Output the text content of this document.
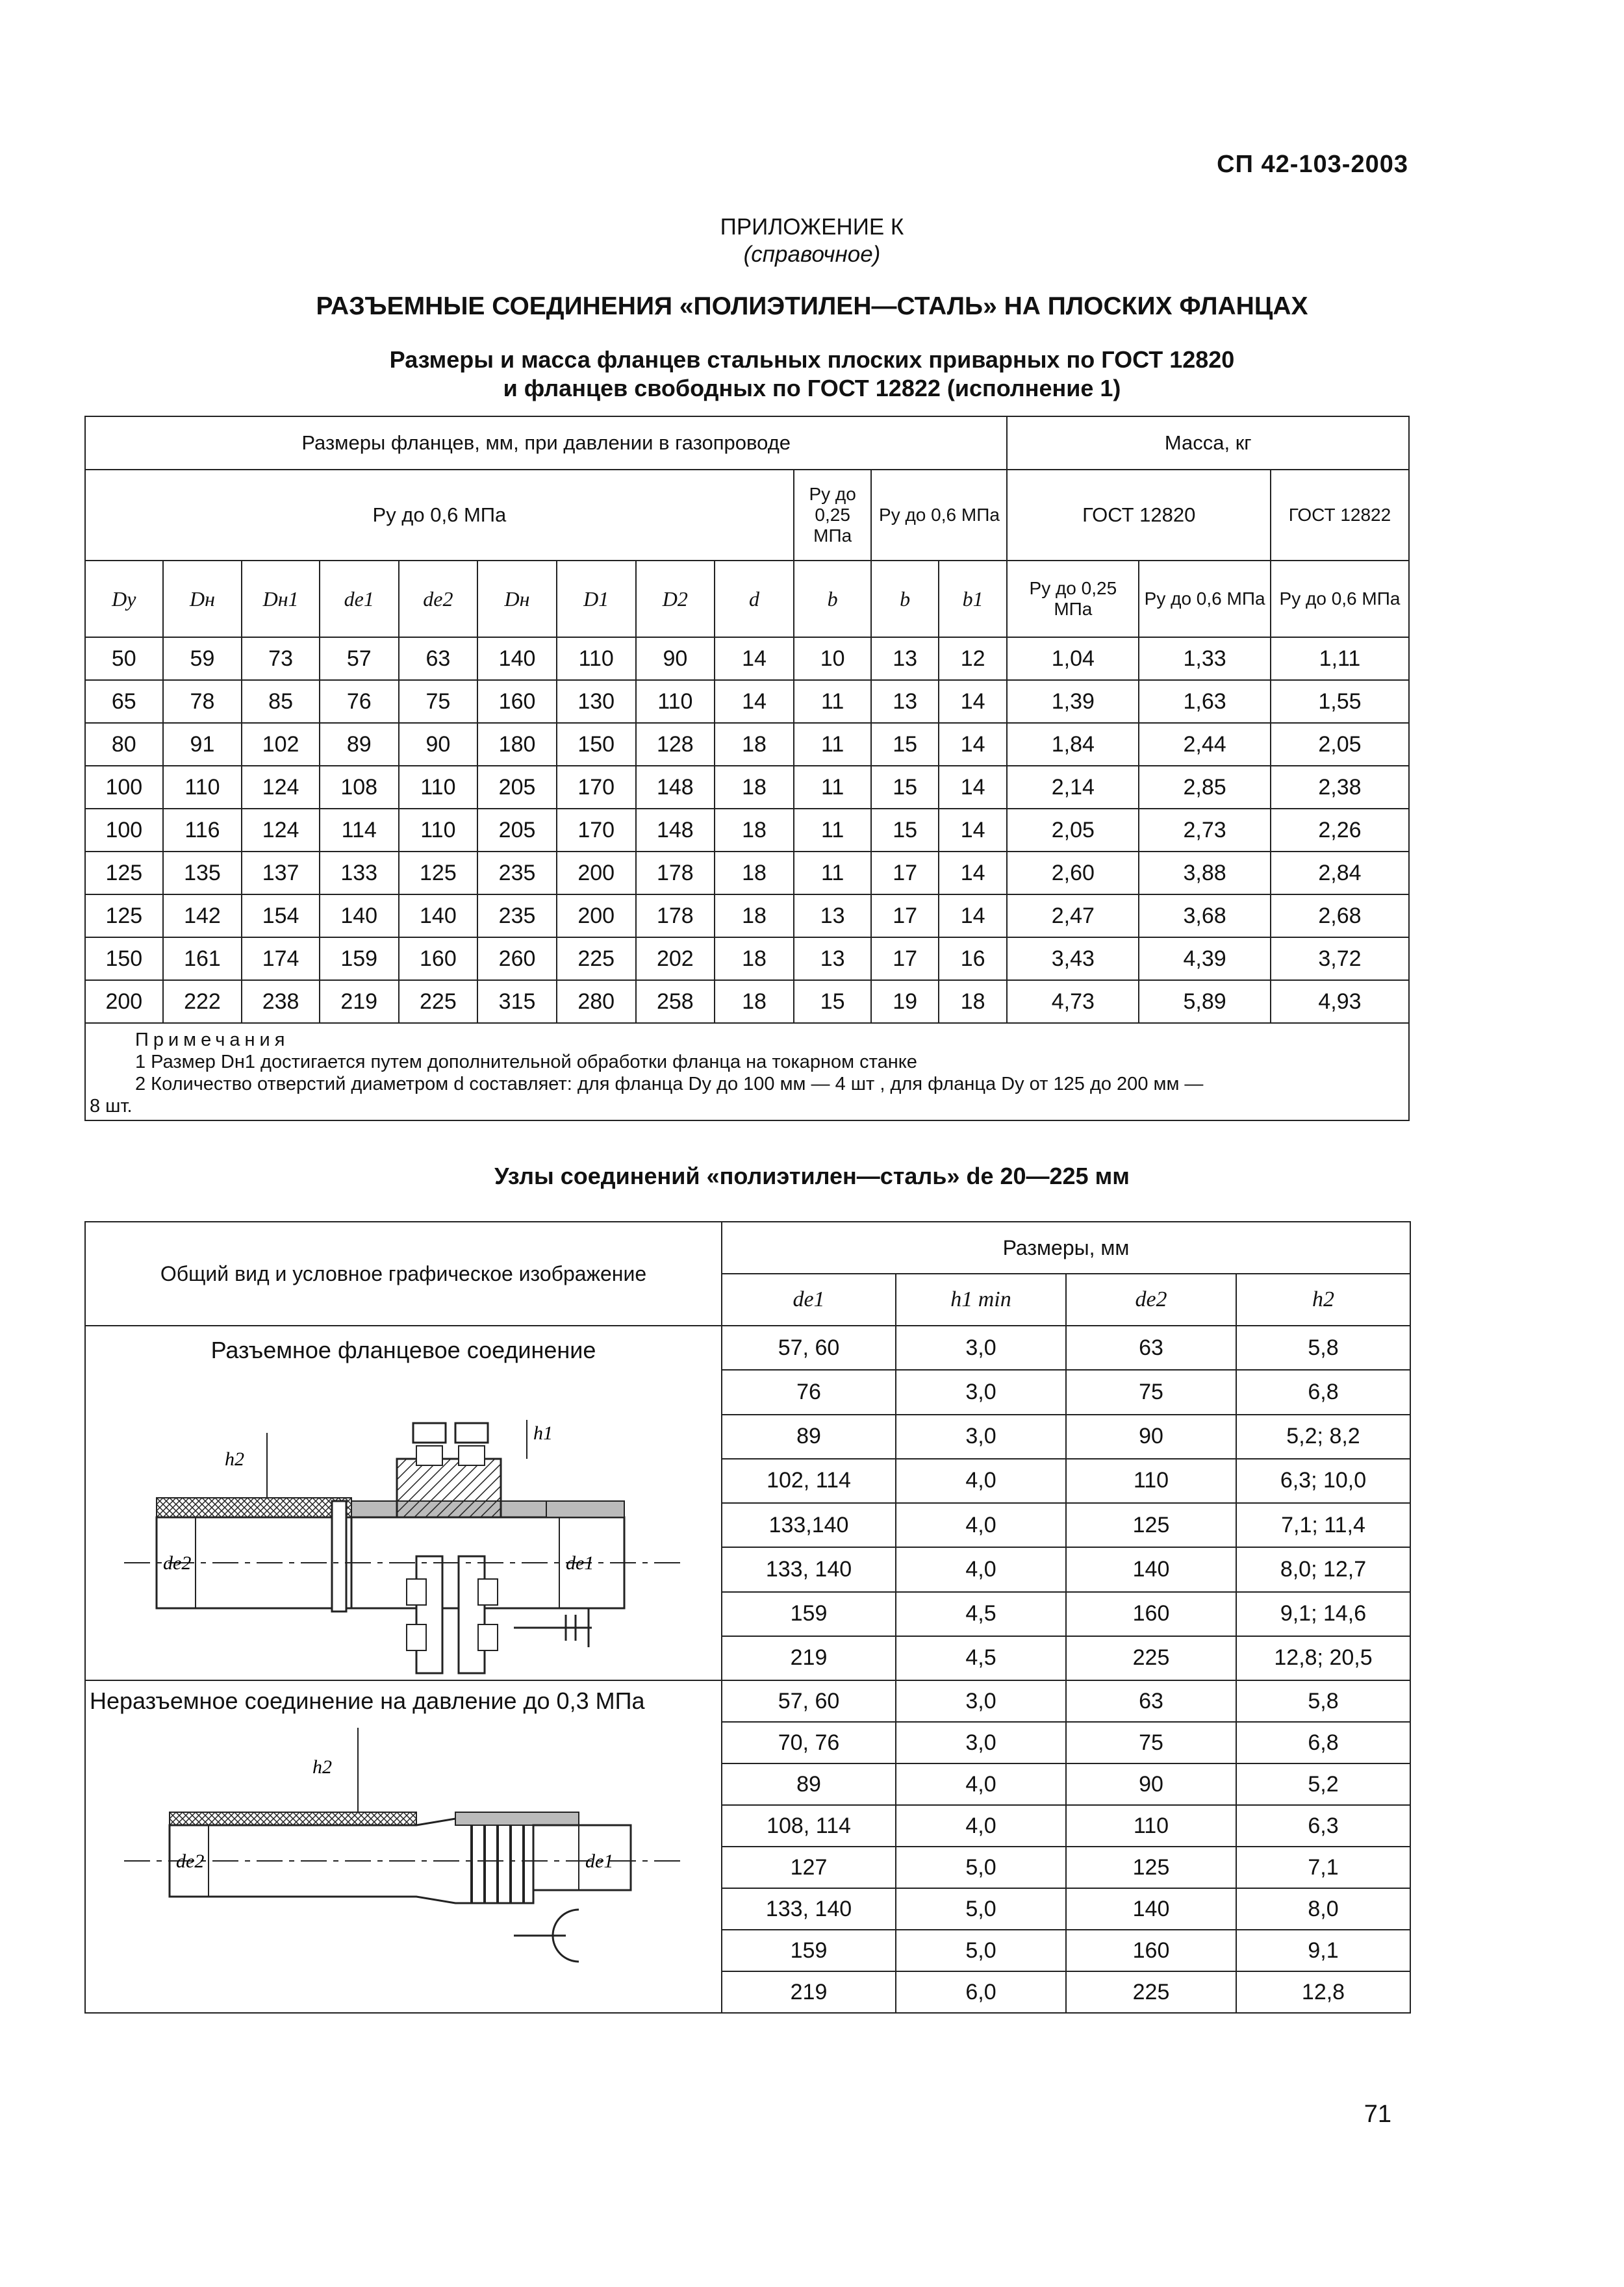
СП 42-103-2003
ПРИЛОЖЕНИЕ К
(справочное)
РАЗЪЕМНЫЕ СОЕДИНЕНИЯ «ПОЛИЭТИЛЕН—СТАЛЬ» НА ПЛОСКИХ ФЛАНЦАХ
Размеры и масса фланцев стальных плоских приварных по ГОСТ 12820
и фланцев свободных по ГОСТ 12822 (исполнение 1)
Размеры фланцев, мм, при давлении в газопроводе												Масса, кг		
Pу до 0,6 МПа									Pу до 0,25 МПа	Pу до 0,6 МПа		ГОСТ 12820		ГОСТ 12822
Dу	Dн	Dн1	de1	de2	Dн	D1	D2	d	b	b	b1	Pу до 0,25 МПа	Pу до 0,6 МПа	Pу до 0,6 МПа
50	59	73	57	63	140	110	90	14	10	13	12	1,04	1,33	1,11
65	78	85	76	75	160	130	110	14	11	13	14	1,39	1,63	1,55
80	91	102	89	90	180	150	128	18	11	15	14	1,84	2,44	2,05
100	110	124	108	110	205	170	148	18	11	15	14	2,14	2,85	2,38
100	116	124	114	110	205	170	148	18	11	15	14	2,05	2,73	2,26
125	135	137	133	125	235	200	178	18	11	17	14	2,60	3,88	2,84
125	142	154	140	140	235	200	178	18	13	17	14	2,47	3,68	2,68
150	161	174	159	160	260	225	202	18	13	17	16	3,43	4,39	3,72
200	222	238	219	225	315	280	258	18	15	19	18	4,73	5,89	4,93

Примечания
1 Размер Dн1 достигается путем дополнительной обработки фланца на токарном станке
2 Количество отверстий диаметром d составляет: для фланца Dу до 100 мм — 4 шт , для фланца Dу от 125 до 200 мм —
8 шт.														
Узлы соединений «полиэтилен—сталь» de 20—225 мм
Общий вид и условное графическое изображение	Размеры, мм			
	de1	h1 min	de2	h2

Разъемное фланцевое соединение
h2
h1
de2 de1	57, 60	3,0	63	5,8
	76	3,0	75	6,8
	89	3,0	90	5,2; 8,2
	102, 114	4,0	110	6,3; 10,0
	133,140	4,0	125	7,1; 11,4
	133, 140	4,0	140	8,0; 12,7
	159	4,5	160	9,1; 14,6
	219	4,5	225	12,8; 20,5

Неразъемное соединение на давление до 0,3 МПа
h2
de2 de1	57, 60	3,0	63	5,8
	70, 76	3,0	75	6,8
	89	4,0	90	5,2
	108, 114	4,0	110	6,3
	127	5,0	125	7,1
	133, 140	5,0	140	8,0
	159	5,0	160	9,1
	219	6,0	225	12,8
71
